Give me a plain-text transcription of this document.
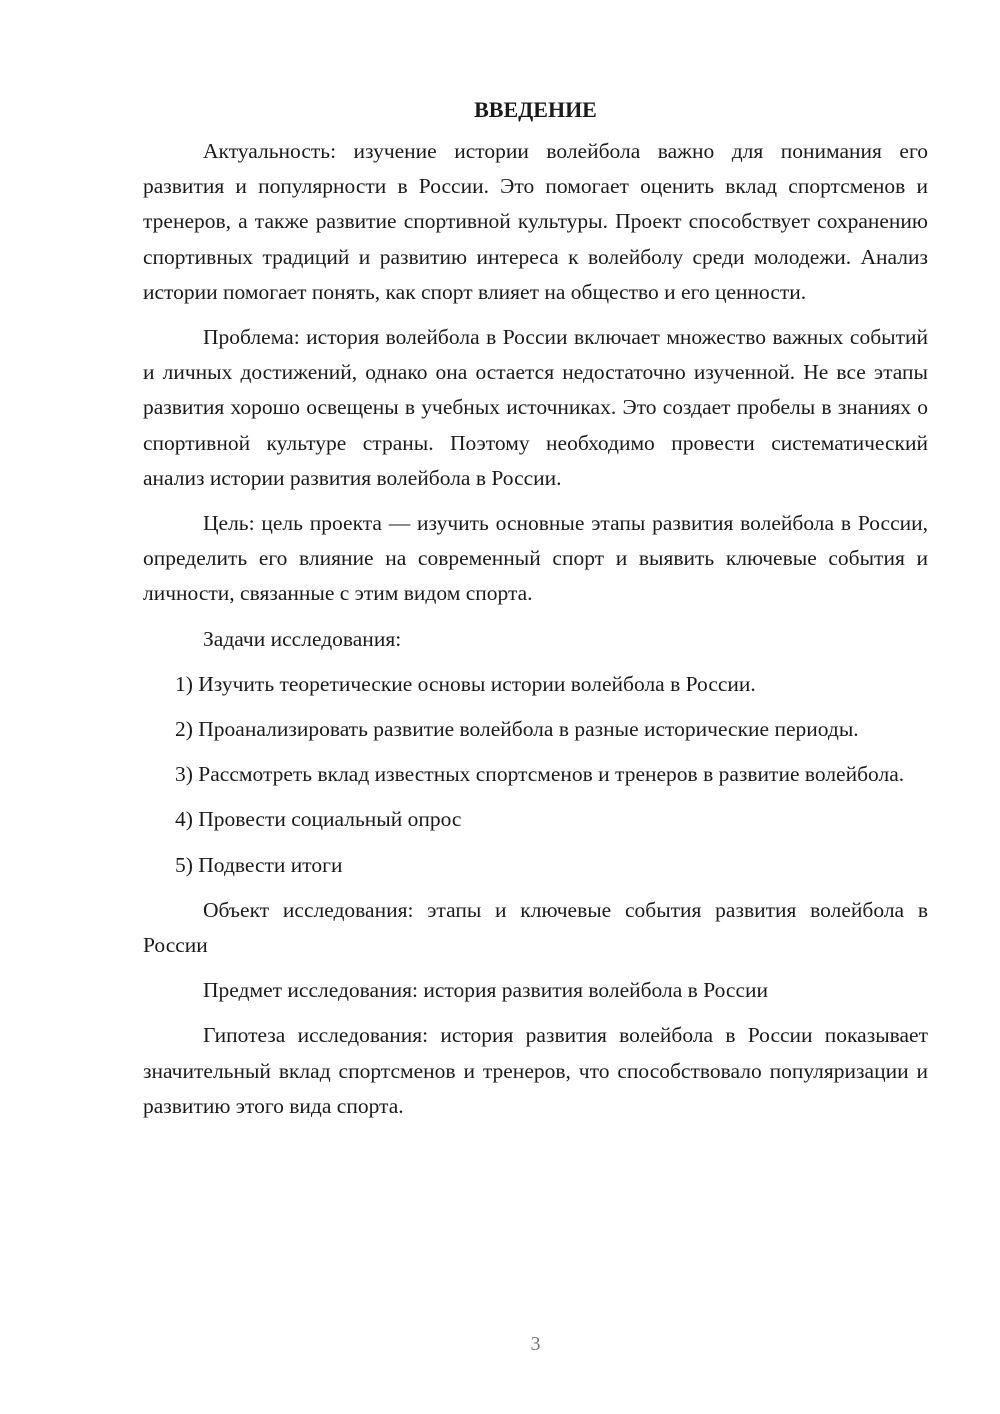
ВВЕДЕНИЕ

Актуальность: изучение истории волейбола важно для понимания его развития и популярности в России. Это помогает оценить вклад спортсменов и тренеров, а также развитие спортивной культуры. Проект способствует сохранению спортивных традиций и развитию интереса к волейболу среди молодежи. Анализ истории помогает понять, как спорт влияет на общество и его ценности.

Проблема: история волейбола в России включает множество важных событий и личных достижений, однако она остается недостаточно изученной. Не все этапы развития хорошо освещены в учебных источниках. Это создает пробелы в знаниях о спортивной культуре страны. Поэтому необходимо провести систематический анализ истории развития волейбола в России.

Цель: цель проекта — изучить основные этапы развития волейбола в России, определить его влияние на современный спорт и выявить ключевые события и личности, связанные с этим видом спорта.

Задачи исследования:

1) Изучить теоретические основы истории волейбола в России.

2) Проанализировать развитие волейбола в разные исторические периоды.

3) Рассмотреть вклад известных спортсменов и тренеров в развитие волейбола.

4) Провести социальный опрос

5) Подвести итоги

Объект исследования: этапы и ключевые события развития волейбола в России

Предмет исследования: история развития волейбола в России

Гипотеза исследования: история развития волейбола в России показывает значительный вклад спортсменов и тренеров, что способствовало популяризации и развитию этого вида спорта.

3
